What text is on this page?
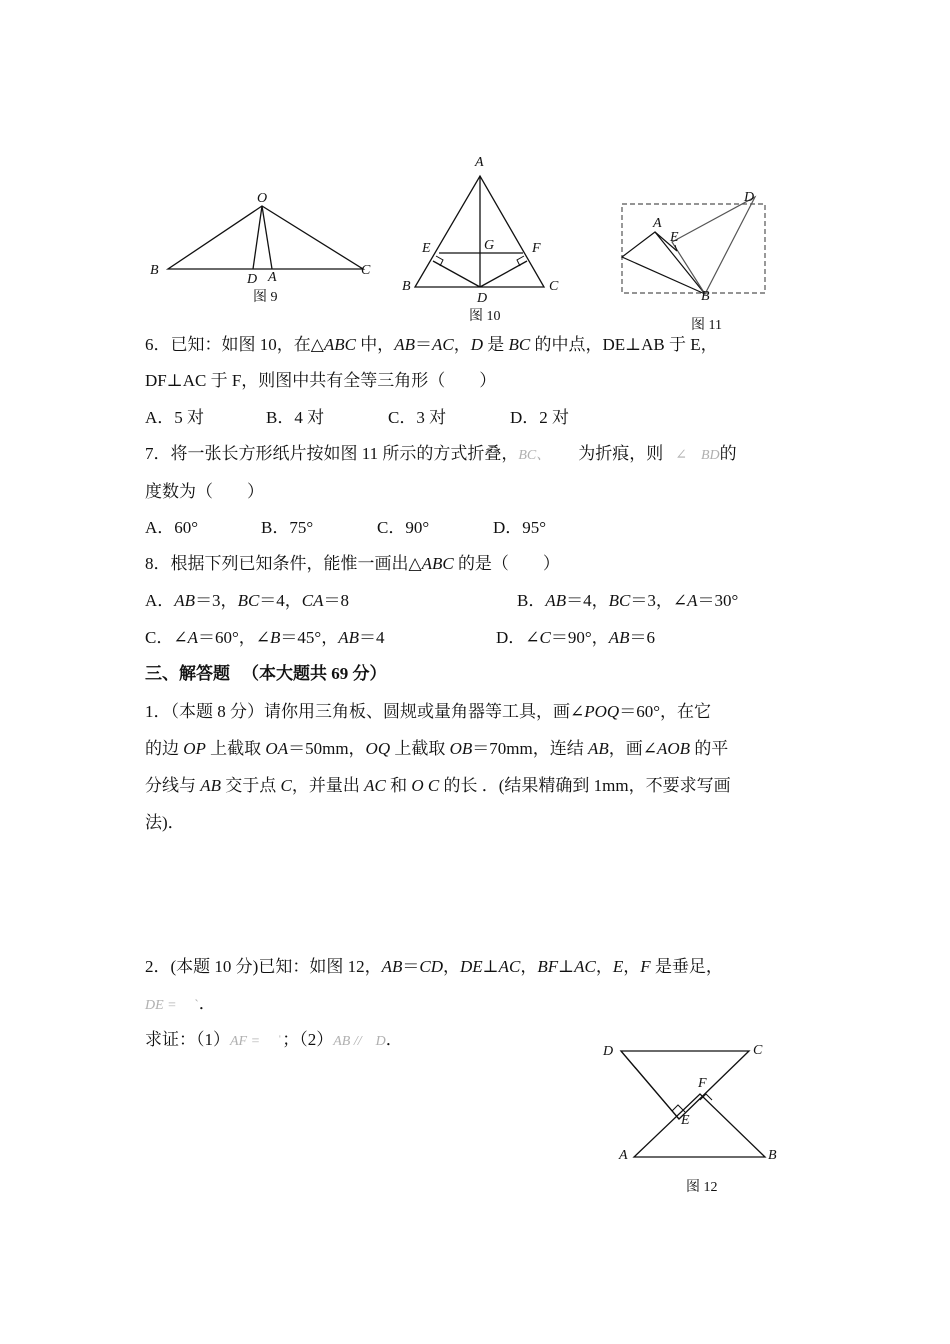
O
B	C
D A
图 9
A
E	G	F
B
D
C
图 10
A
E
D
B
图 11
6．已知：如图 10，在△ABC 中，AB＝AC，D 是 BC 的中点，DE⊥AB 于 E，
DF⊥AC 于 F，则图中共有全等三角形（　　）
A．5 对	B．4 对	C．3 对	D．2 对
7．将一张长方形纸片按如图 11 所示的方式折叠，BC、 为折痕，则 ∠　BD的
度数为（　　）
A．60°	B．75°	C．90°	D．95°
8．根据下列已知条件，能惟一画出△ABC 的是（　　）
A．AB＝3，BC＝4，CA＝8	B．AB＝4，BC＝3，∠A＝30°
C．∠A＝60°，∠B＝45°，AB＝4	D．∠C＝90°，AB＝6
三、解答题 （本大题共 69 分）
1．（本题 8 分）请你用三角板、圆规或量角器等工具，画∠POQ＝60°，在它
的边 OP 上截取 OA＝50mm，OQ 上截取 OB＝70mm，连结 AB，画∠AOB 的平
分线与 AB 交于点 C，并量出 AC 和 O C 的长 ．(结果精确到 1mm，不要求写画
法)．
2．(本题 10 分)已知：如图 12，AB＝CD，DE⊥AC，BF⊥AC，E，F 是垂足，
DE =　 ˋ．
求证：（1）AF =　 ˈ；（2）AB //　D．
D	C
F
E
A	B
图 12
